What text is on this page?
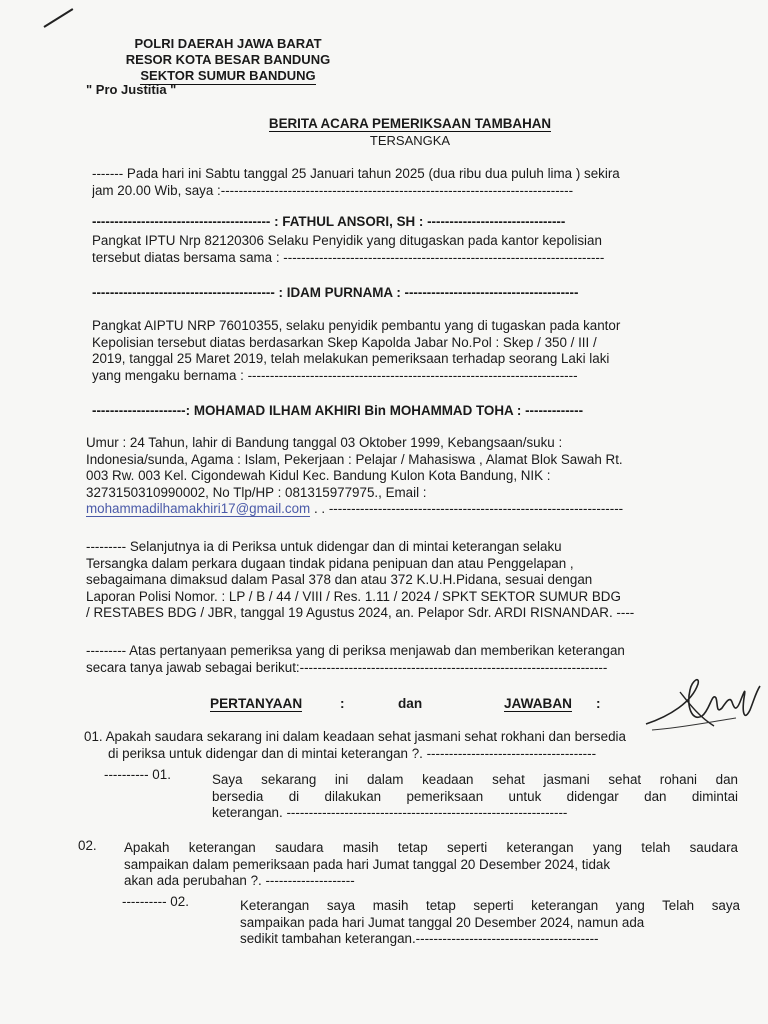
POLRI DAERAH JAWA BARAT
RESOR KOTA BESAR BANDUNG
SEKTOR SUMUR BANDUNG
" Pro Justitia "
BERITA ACARA PEMERIKSAAN TAMBAHAN
TERSANGKA
------- Pada hari ini Sabtu tanggal 25 Januari tahun 2025 (dua ribu dua puluh lima ) sekira
jam 20.00 Wib, saya :-------------------------------------------------------------------------------
---------------------------------------- : FATHUL ANSORI, SH : -------------------------------
Pangkat IPTU Nrp 82120306 Selaku Penyidik yang ditugaskan pada kantor kepolisian
tersebut diatas bersama sama : ------------------------------------------------------------------------
----------------------------------------- : IDAM PURNAMA : ---------------------------------------
Pangkat AIPTU NRP 76010355, selaku penyidik pembantu yang di tugaskan pada kantor
Kepolisian tersebut diatas berdasarkan Skep Kapolda Jabar No.Pol : Skep / 350 / III /
2019, tanggal 25 Maret 2019, telah melakukan pemeriksaan terhadap seorang Laki laki
yang mengaku bernama : --------------------------------------------------------------------------
---------------------: MOHAMAD ILHAM AKHIRI Bin MOHAMMAD TOHA : -------------
Umur : 24 Tahun, lahir di Bandung tanggal 03 Oktober 1999, Kebangsaan/suku :
Indonesia/sunda, Agama : Islam, Pekerjaan : Pelajar / Mahasiswa , Alamat Blok Sawah Rt.
003 Rw. 003 Kel. Cigondewah Kidul Kec. Bandung Kulon Kota Bandung, NIK :
3273150310990002, No Tlp/HP : 081315977975., Email :
mohammadilhamakhiri17@gmail.com . . ------------------------------------------------------------------
--------- Selanjutnya ia di Periksa untuk didengar dan di mintai keterangan selaku
Tersangka dalam perkara dugaan tindak pidana penipuan dan atau Penggelapan ,
sebagaimana dimaksud dalam Pasal 378 dan atau 372 K.U.H.Pidana, sesuai dengan
Laporan Polisi Nomor. : LP / B / 44 / VIII / Res. 1.11 / 2024 / SPKT SEKTOR SUMUR BDG
/ RESTABES BDG / JBR, tanggal 19 Agustus 2024, an. Pelapor Sdr. ARDI RISNANDAR. ----
--------- Atas pertanyaan pemeriksa yang di periksa menjawab dan memberikan keterangan
secara tanya jawab sebagai berikut:---------------------------------------------------------------------
PERTANYAAN	:	dan	JAWABAN :
01. Apakah saudara sekarang ini dalam keadaan sehat jasmani sehat rokhani dan bersedia
di periksa untuk didengar dan di mintai keterangan ?. --------------------------------------
---------- 01.	Saya sekarang ini dalam keadaan sehat jasmani sehat rohani dan
bersedia di dilakukan pemeriksaan untuk didengar dan dimintai
keterangan. ---------------------------------------------------------------
02. Apakah keterangan saudara masih tetap seperti keterangan yang telah saudara
sampaikan dalam pemeriksaan pada hari Jumat tanggal 20 Desember 2024, tidak
akan ada perubahan ?. --------------------
---------- 02.	Keterangan saya masih tetap seperti keterangan yang Telah saya
sampaikan pada hari Jumat tanggal 20 Desember 2024, namun ada
sedikit tambahan keterangan.-----------------------------------------
